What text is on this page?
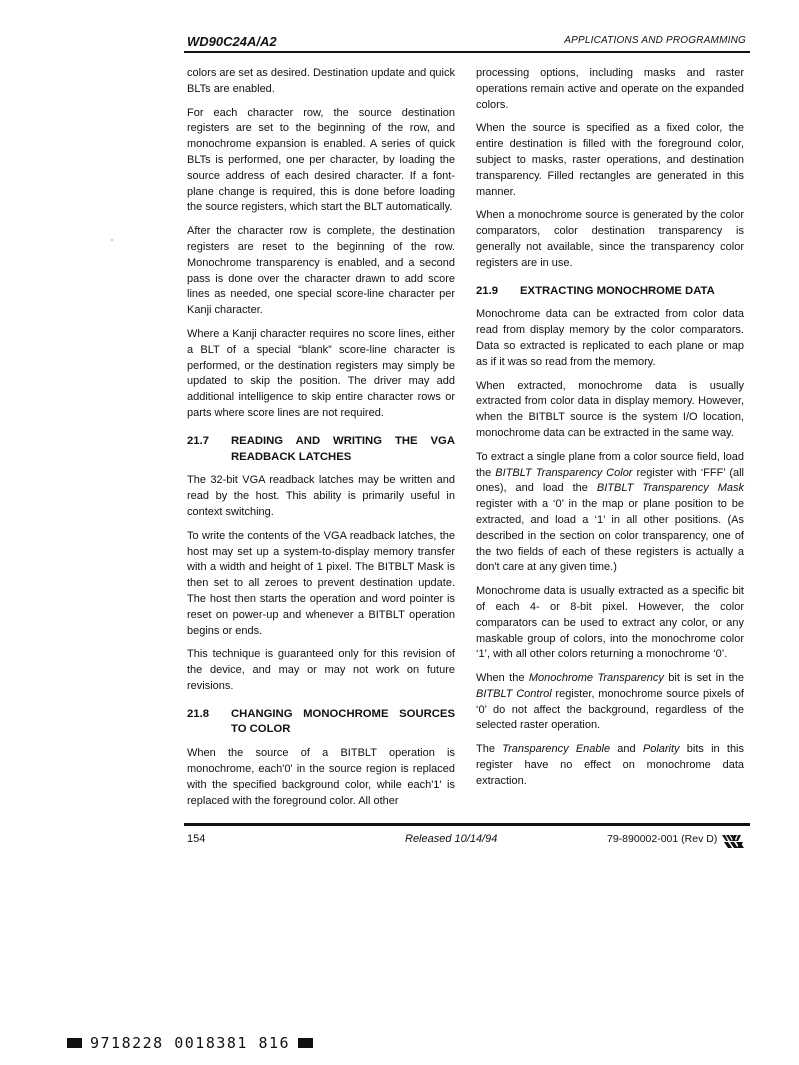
WD90C24A/A2	APPLICATIONS AND PROGRAMMING

colors are set as desired. Destination update and quick BLTs are enabled.

For each character row, the source destination registers are set to the beginning of the row, and monochrome expansion is enabled. A series of quick BLTs is performed, one per character, by loading the source address of each desired character. If a font-plane change is required, this is done before loading the source registers, which start the BLT automatically.

After the character row is complete, the destination registers are reset to the beginning of the row. Monochrome transparency is enabled, and a second pass is done over the character drawn to add score lines as needed, one special score-line character per Kanji character.

Where a Kanji character requires no score lines, either a BLT of a special “blank” score-line character is performed, or the destination registers may simply be updated to skip the position. The driver may add additional intelligence to skip entire character rows or parts where score lines are not required.

21.7	READING AND WRITING THE VGA READBACK LATCHES

The 32-bit VGA readback latches may be written and read by the host. This ability is primarily useful in context switching.

To write the contents of the VGA readback latches, the host may set up a system-to-display memory transfer with a width and height of 1 pixel. The BITBLT Mask is then set to all zeroes to prevent destination update. The host then starts the operation and word pointer is reset on power-up and whenever a BITBLT operation begins or ends.

This technique is guaranteed only for this revision of the device, and may or may not work on future revisions.

21.8	CHANGING MONOCHROME SOURCES TO COLOR

When the source of a BITBLT operation is monochrome, each'0' in the source region is replaced with the specified background color, while each'1' is replaced with the foreground color. All other

processing options, including masks and raster operations remain active and operate on the expanded colors.

When the source is specified as a fixed color, the entire destination is filled with the foreground color, subject to masks, raster operations, and destination transparency. Filled rectangles are generated in this manner.

When a monochrome source is generated by the color comparators, color destination transparency is generally not available, since the transparency color registers are in use.

21.9	EXTRACTING MONOCHROME DATA

Monochrome data can be extracted from color data read from display memory by the color comparators. Data so extracted is replicated to each plane or map as if it was so read from the memory.

When extracted, monochrome data is usually extracted from color data in display memory. However, when the BITBLT source is the system I/O location, monochrome data can be extracted in the same way.

To extract a single plane from a color source field, load the BITBLT Transparency Color register with ‘FFF’ (all ones), and load the BITBLT Transparency Mask register with a ‘0’ in the map or plane position to be extracted, and load a ‘1’ in all other positions. (As described in the section on color transparency, one of the two fields of each of these registers is actually a don't care at any given time.)

Monochrome data is usually extracted as a specific bit of each 4- or 8-bit pixel. However, the color comparators can be used to extract any color, or any maskable group of colors, into the monochrome color ‘1’, with all other colors returning a monochrome ‘0’.

When the Monochrome Transparency bit is set in the BITBLT Control register, monochrome source pixels of ‘0’ do not affect the background, regardless of the selected raster operation.

The Transparency Enable and Polarity bits in this register have no effect on monochrome data extraction.

154	Released 10/14/94	79-890002-001 (Rev D)
9718228 0018381 816
